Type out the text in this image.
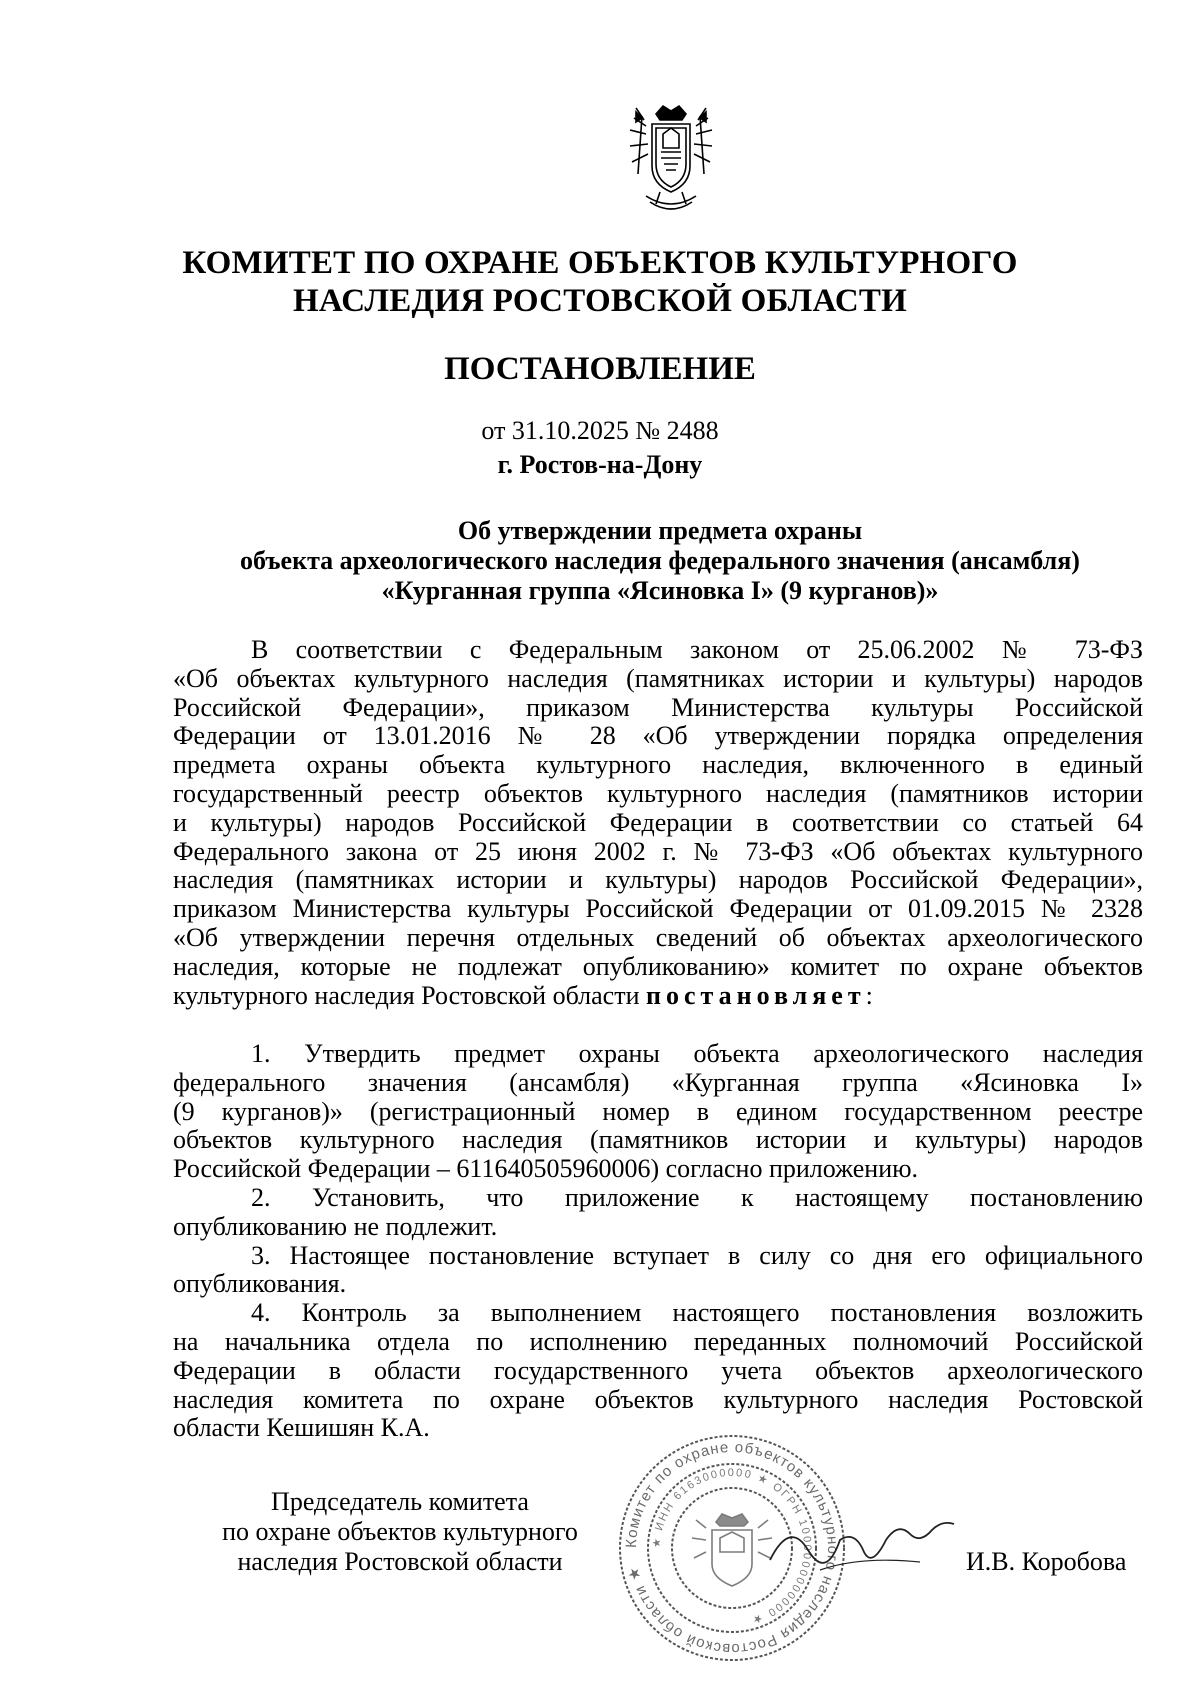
КОМИТЕТ ПО ОХРАНЕ ОБЪЕКТОВ КУЛЬТУРНОГО
НАСЛЕДИЯ РОСТОВСКОЙ ОБЛАСТИ
ПОСТАНОВЛЕНИЕ
от 31.10.2025 № 2488
г. Ростов-на-Дону
Об утверждении предмета охраны
объекта археологического наследия федерального значения (ансамбля)
«Курганная группа «Ясиновка I» (9 курганов)»
В соответствии с Федеральным законом от 25.06.2002 № 73-ФЗ
«Об объектах культурного наследия (памятниках истории и культуры) народов
Российской Федерации», приказом Министерства культуры Российской
Федерации от 13.01.2016 № 28 «Об утверждении порядка определения
предмета охраны объекта культурного наследия, включенного в единый
государственный реестр объектов культурного наследия (памятников истории
и культуры) народов Российской Федерации в соответствии со статьей 64
Федерального закона от 25 июня 2002 г. № 73-ФЗ «Об объектах культурного
наследия (памятниках истории и культуры) народов Российской Федерации»,
приказом Министерства культуры Российской Федерации от 01.09.2015 № 2328
«Об утверждении перечня отдельных сведений об объектах археологического
наследия, которые не подлежат опубликованию» комитет по охране объектов
культурного наследия Ростовской области постановляет:
1. Утвердить предмет охраны объекта археологического наследия
федерального значения (ансамбля) «Курганная группа «Ясиновка I»
(9 курганов)» (регистрационный номер в едином государственном реестре
объектов культурного наследия (памятников истории и культуры) народов
Российской Федерации – 611640505960006) согласно приложению.
2. Установить, что приложение к настоящему постановлению
опубликованию не подлежит.
3. Настоящее постановление вступает в силу со дня его официального
опубликования.
4. Контроль за выполнением настоящего постановления возложить
на начальника отдела по исполнению переданных полномочий Российской
Федерации в области государственного учета объектов археологического
наследия комитета по охране объектов культурного наследия Ростовской
области Кешишян К.А.
Комитет по охране объектов культурного наследия Ростовской области ★
★ ИНН 6163000000 ★ ОГРН 1000000000000 ★
Председатель комитета
по охране объектов культурного
наследия Ростовской области	И.В. Коробова
